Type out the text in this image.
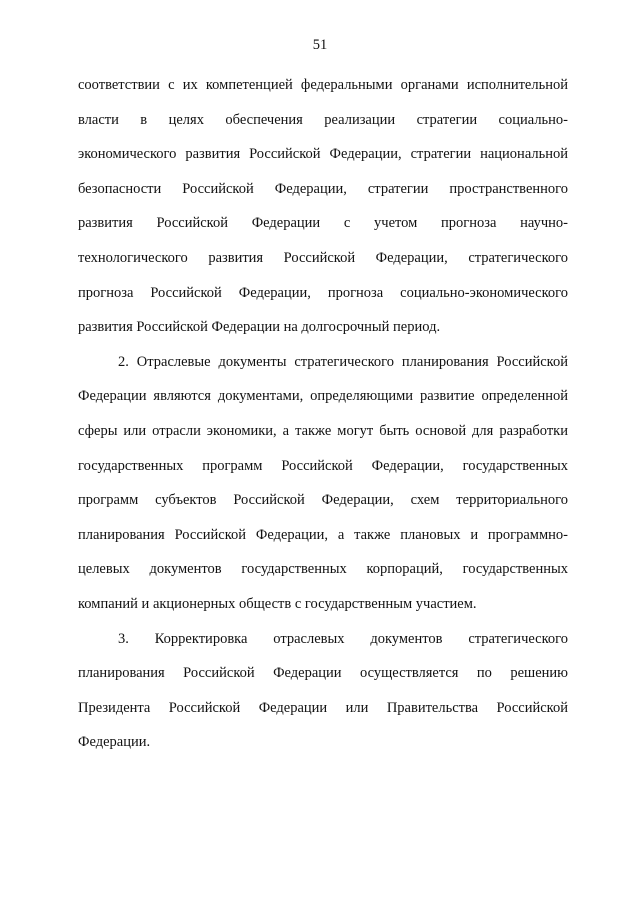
51
соответствии с их компетенцией федеральными органами исполнительной
власти в целях обеспечения реализации стратегии социально-
экономического развития Российской Федерации, стратегии национальной
безопасности Российской Федерации, стратегии пространственного
развития Российской Федерации с учетом прогноза научно-
технологического развития Российской Федерации, стратегического
прогноза Российской Федерации, прогноза социально-экономического
развития Российской Федерации на долгосрочный период.
2. Отраслевые документы стратегического планирования Российской
Федерации являются документами, определяющими развитие определенной
сферы или отрасли экономики, а также могут быть основой для разработки
государственных программ Российской Федерации, государственных
программ субъектов Российской Федерации, схем территориального
планирования Российской Федерации, а также плановых и программно-
целевых документов государственных корпораций, государственных
компаний и акционерных обществ с государственным участием.
3. Корректировка отраслевых документов стратегического
планирования Российской Федерации осуществляется по решению
Президента Российской Федерации или Правительства Российской
Федерации.
